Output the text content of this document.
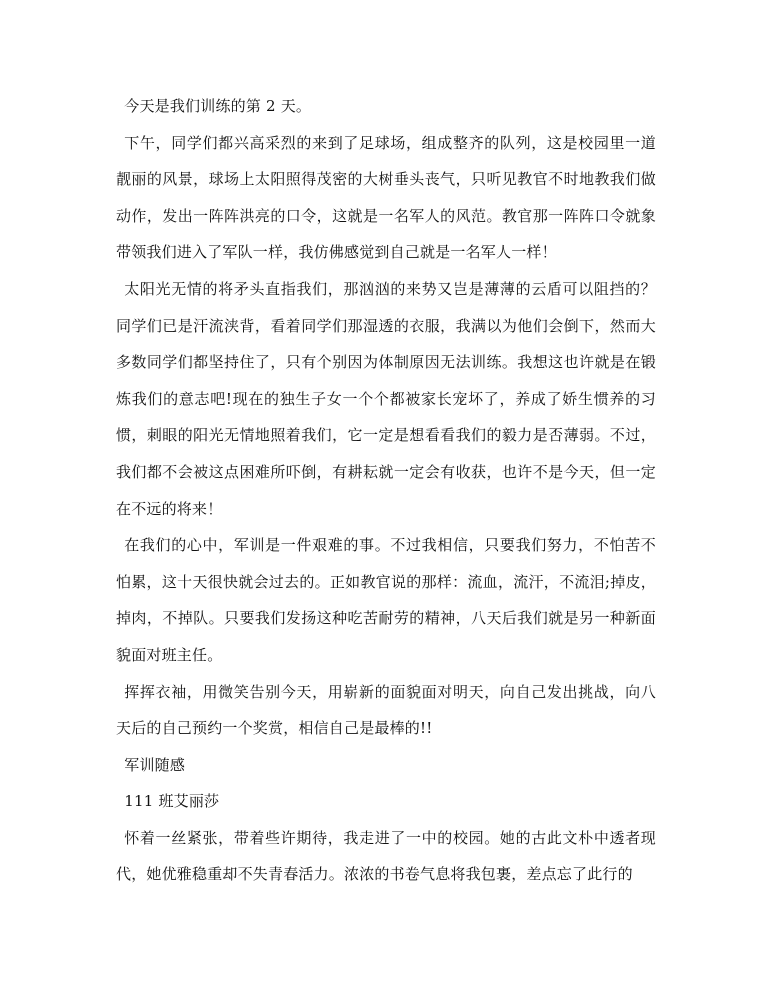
今天是我们训练的第 2 天。

下午，同学们都兴高采烈的来到了足球场，组成整齐的队列，这是校园里一道靓丽的风景，球场上太阳照得茂密的大树垂头丧气，只听见教官不时地教我们做动作，发出一阵阵洪亮的口令，这就是一名军人的风范。教官那一阵阵口令就象带领我们进入了军队一样，我仿佛感觉到自己就是一名军人一样！

太阳光无情的将矛头直指我们，那汹汹的来势又岂是薄薄的云盾可以阻挡的？同学们已是汗流浃背，看着同学们那湿透的衣服，我满以为他们会倒下，然而大多数同学们都坚持住了，只有个别因为体制原因无法训练。我想这也许就是在锻炼我们的意志吧!现在的独生子女一个个都被家长宠坏了，养成了娇生惯养的习惯，刺眼的阳光无情地照着我们，它一定是想看看我们的毅力是否薄弱。不过，我们都不会被这点困难所吓倒，有耕耘就一定会有收获，也许不是今天，但一定在不远的将来！

在我们的心中，军训是一件艰难的事。不过我相信，只要我们努力，不怕苦不怕累，这十天很快就会过去的。正如教官说的那样：流血，流汗，不流泪;掉皮，掉肉，不掉队。只要我们发扬这种吃苦耐劳的精神，八天后我们就是另一种新面貌面对班主任。

挥挥衣袖，用微笑告别今天，用崭新的面貌面对明天，向自己发出挑战，向八天后的自己预约一个奖赏，相信自己是最棒的!!

军训随感

111 班艾丽莎

怀着一丝紧张，带着些许期待，我走进了一中的校园。她的古此文朴中透者现代，她优雅稳重却不失青春活力。浓浓的书卷气息将我包裹，差点忘了此行的
